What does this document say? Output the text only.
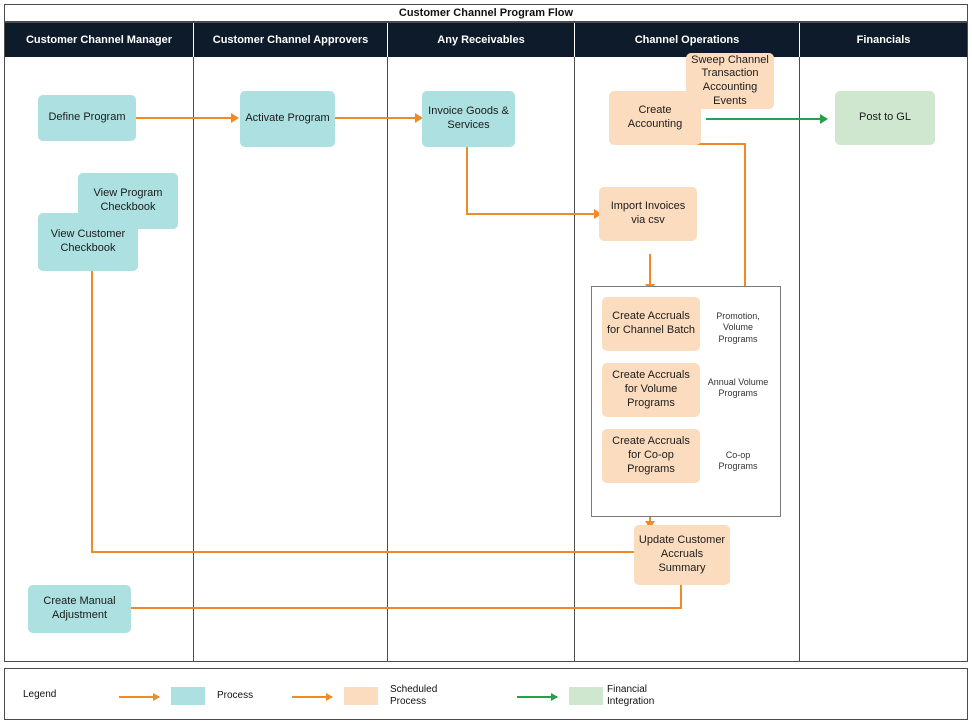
Customer Channel Program Flow
Customer Channel Manager	Customer Channel Approvers	Any Receivables	Channel Operations	Financials
Define Program
View Program Checkbook
View Customer Checkbook
Create Manual Adjustment
Activate Program
Invoice Goods & Services
Sweep Channel Transaction Accounting Events
Create Accounting
Import Invoices via csv
Create Accruals for Channel Batch
Promotion, Volume Programs
Create Accruals for Volume Programs
Annual Volume Programs
Create Accruals for Co-op Programs
Co-op Programs
Update Customer Accruals Summary
Post to GL
Legend	Process
Scheduled Process
Financial Integration
